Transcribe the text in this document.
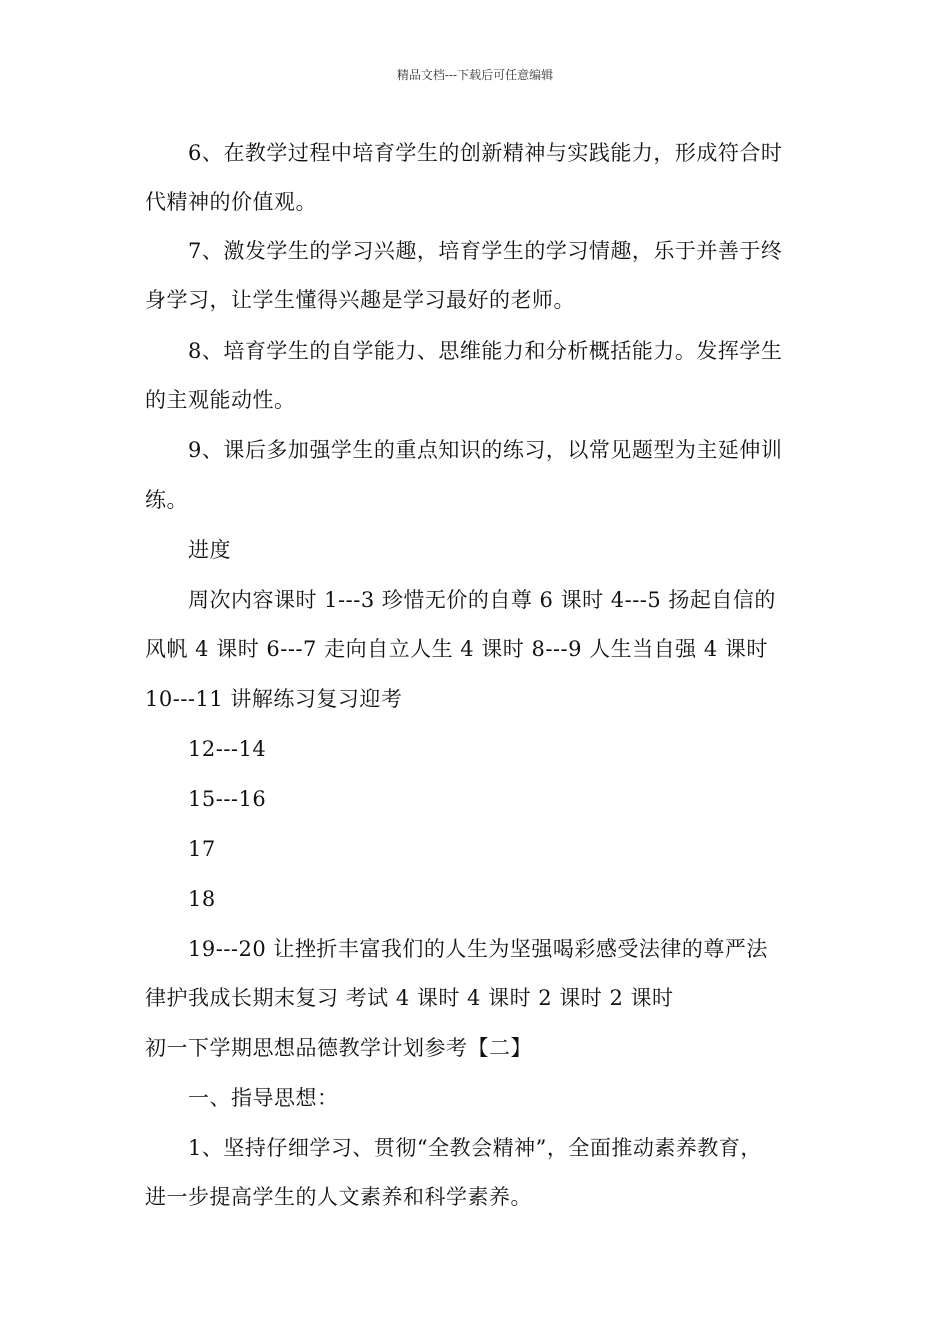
精品文档---下载后可任意编辑
6、在教学过程中培育学生的创新精神与实践能力，形成符合时
代精神的价值观。
7、激发学生的学习兴趣，培育学生的学习情趣，乐于并善于终
身学习，让学生懂得兴趣是学习最好的老师。
8、培育学生的自学能力、思维能力和分析概括能力。发挥学生
的主观能动性。
9、课后多加强学生的重点知识的练习，以常见题型为主延伸训
练。
进度
周次内容课时 1---3 珍惜无价的自尊 6 课时 4---5 扬起自信的
风帆 4 课时 6---7 走向自立人生 4 课时 8---9 人生当自强 4 课时
10---11 讲解练习复习迎考
12---14
15---16
17
18
19---20 让挫折丰富我们的人生为坚强喝彩感受法律的尊严法
律护我成长期末复习 考试 4 课时 4 课时 2 课时 2 课时
初一下学期思想品德教学计划参考【二】
一、指导思想：
1、坚持仔细学习、贯彻“全教会精神”，全面推动素养教育，
进一步提高学生的人文素养和科学素养。
